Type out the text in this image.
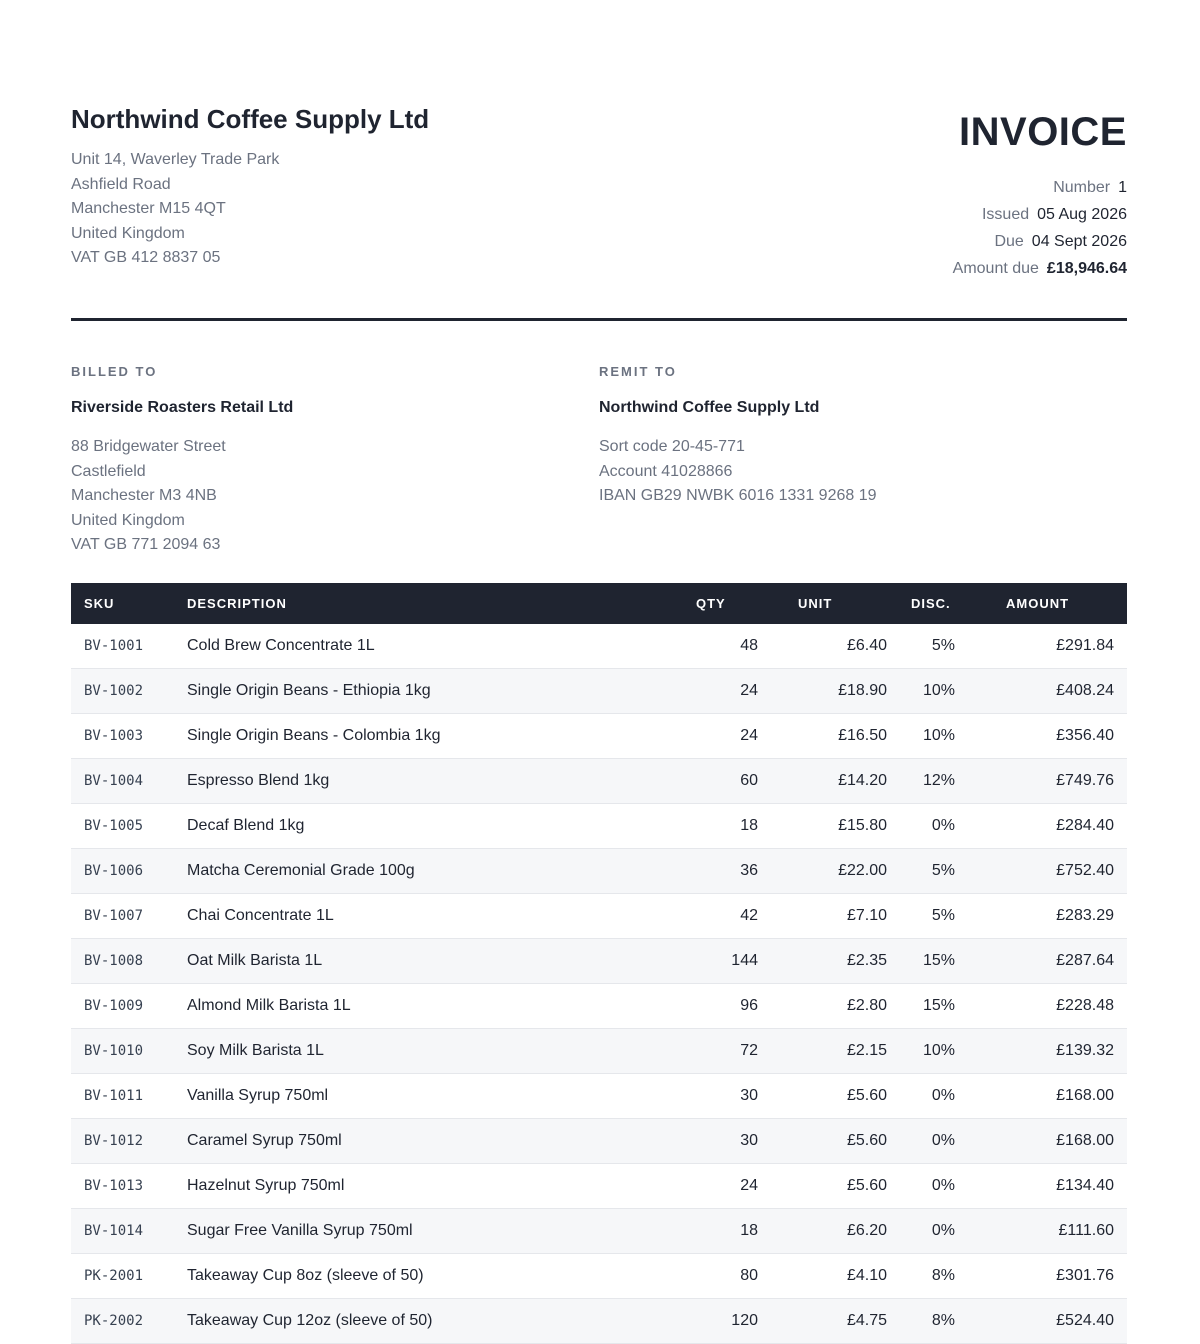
Northwind Coffee Supply Ltd
Unit 14, Waverley Trade Park
Ashfield Road
Manchester M15 4QT
United Kingdom
VAT GB 412 8837 05
INVOICE
Number 1
Issued 05 Aug 2026
Due 04 Sept 2026
Amount due £18,946.64
BILLED TO
Riverside Roasters Retail Ltd
88 Bridgewater Street
Castlefield
Manchester M3 4NB
United Kingdom
VAT GB 771 2094 63
REMIT TO
Northwind Coffee Supply Ltd
Sort code 20-45-771
Account 41028866
IBAN GB29 NWBK 6016 1331 9268 19
SKU	DESCRIPTION	QTY	UNIT	DISC.	AMOUNT
BV-1001	Cold Brew Concentrate 1L	48	£6.40	5%	£291.84
BV-1002	Single Origin Beans - Ethiopia 1kg	24	£18.90	10%	£408.24
BV-1003	Single Origin Beans - Colombia 1kg	24	£16.50	10%	£356.40
BV-1004	Espresso Blend 1kg	60	£14.20	12%	£749.76
BV-1005	Decaf Blend 1kg	18	£15.80	0%	£284.40
BV-1006	Matcha Ceremonial Grade 100g	36	£22.00	5%	£752.40
BV-1007	Chai Concentrate 1L	42	£7.10	5%	£283.29
BV-1008	Oat Milk Barista 1L	144	£2.35	15%	£287.64
BV-1009	Almond Milk Barista 1L	96	£2.80	15%	£228.48
BV-1010	Soy Milk Barista 1L	72	£2.15	10%	£139.32
BV-1011	Vanilla Syrup 750ml	30	£5.60	0%	£168.00
BV-1012	Caramel Syrup 750ml	30	£5.60	0%	£168.00
BV-1013	Hazelnut Syrup 750ml	24	£5.60	0%	£134.40
BV-1014	Sugar Free Vanilla Syrup 750ml	18	£6.20	0%	£111.60
PK-2001	Takeaway Cup 8oz (sleeve of 50)	80	£4.10	8%	£301.76
PK-2002	Takeaway Cup 12oz (sleeve of 50)	120	£4.75	8%	£524.40
